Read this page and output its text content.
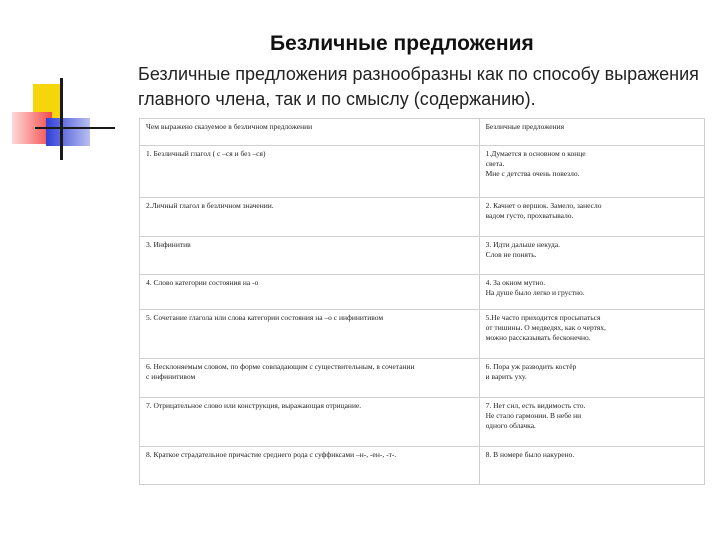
Безличные предложения

Безличные предложения разнообразны как по способу выражения главного члена, так и по смыслу (содержанию).

Чем выражено сказуемое в безличном предложении	Безличные предложения

1. Безличный глагол ( с –ся и без –ся)	1.Думается в основном о конце
света.
Мне с детства очень повезло.

2.Личный глагол в безличном значении.	2. Качнет о вершок. Замело, занесло
вадом густо, прохватывало.

3. Инфинитив	3. Идти дальше некуда.
Слов не понять.

4. Слово категории состояния на -о	4. За окном мутно.
На душе было легко и грустно.

5. Сочетание глагола или слова категории состояния на –о с инфинитивом	5.Не часто приходится просыпаться
от тишины. О медведях, как о чертях,
можно рассказывать бесконечно.

6. Несклоняемым словом, по форме совпадающим с существительным, в сочетании
с инфинитивом	6. Пора уж разводить костёр
и варить уху.

7. Отрицательное слово или конструкция, выражающая отрицание.	7. Нет сил, есть видимость сто.
Не стало гармонии. В небе ни
одного облачка.

8. Краткое страдательное причастие среднего рода с суффиксами –н-, -ен-, -т-.	8. В номере было накурено.
